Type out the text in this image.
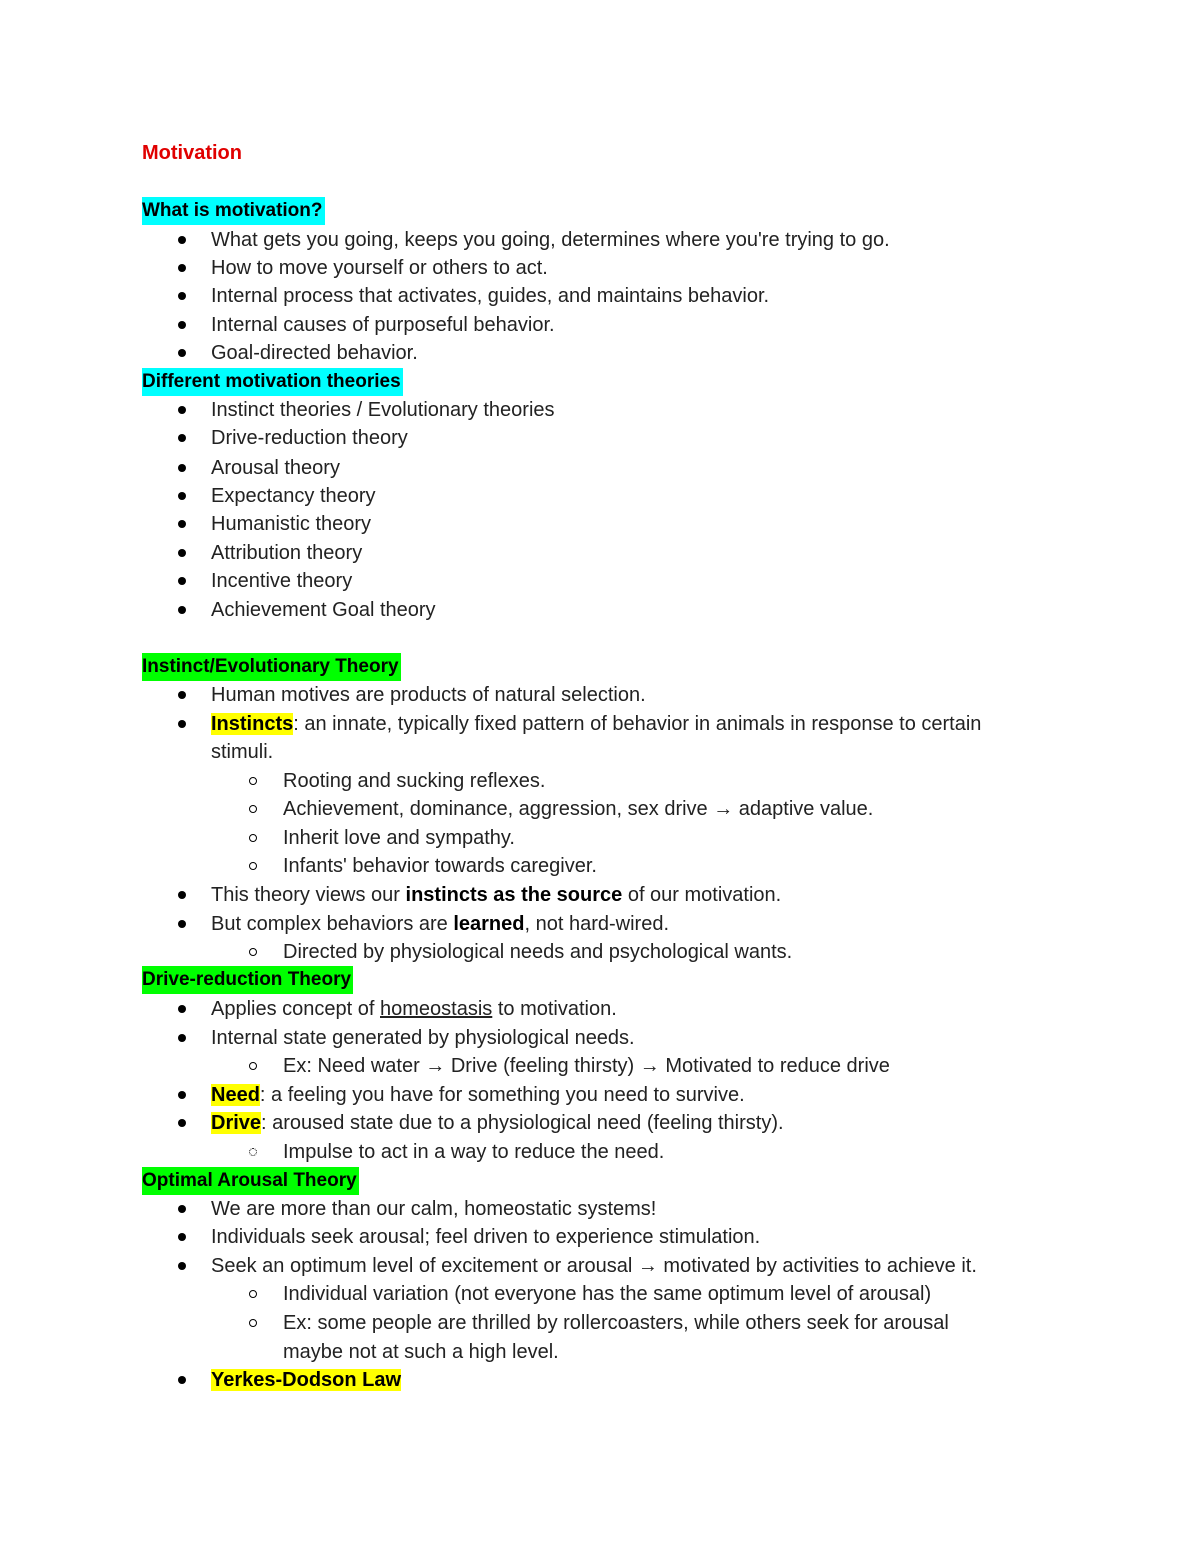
Motivation
What is motivation?
What gets you going, keeps you going, determines where you're trying to go.
How to move yourself or others to act.
Internal process that activates, guides, and maintains behavior.
Internal causes of purposeful behavior.
Goal-directed behavior.
Different motivation theories
Instinct theories / Evolutionary theories
Drive-reduction theory
Arousal theory
Expectancy theory
Humanistic theory
Attribution theory
Incentive theory
Achievement Goal theory
Instinct/Evolutionary Theory
Human motives are products of natural selection.
Instincts: an innate, typically fixed pattern of behavior in animals in response to certain
stimuli.
Rooting and sucking reflexes.
Achievement, dominance, aggression, sex drive → adaptive value.
Inherit love and sympathy.
Infants' behavior towards caregiver.
This theory views our instincts as the source of our motivation.
But complex behaviors are learned, not hard-wired.
Directed by physiological needs and psychological wants.
Drive-reduction Theory
Applies concept of homeostasis to motivation.
Internal state generated by physiological needs.
Ex: Need water → Drive (feeling thirsty) → Motivated to reduce drive
Need: a feeling you have for something you need to survive.
Drive: aroused state due to a physiological need (feeling thirsty).
Impulse to act in a way to reduce the need.
Optimal Arousal Theory
We are more than our calm, homeostatic systems!
Individuals seek arousal; feel driven to experience stimulation.
Seek an optimum level of excitement or arousal → motivated by activities to achieve it.
Individual variation (not everyone has the same optimum level of arousal)
Ex: some people are thrilled by rollercoasters, while others seek for arousal
maybe not at such a high level.
Yerkes-Dodson Law
